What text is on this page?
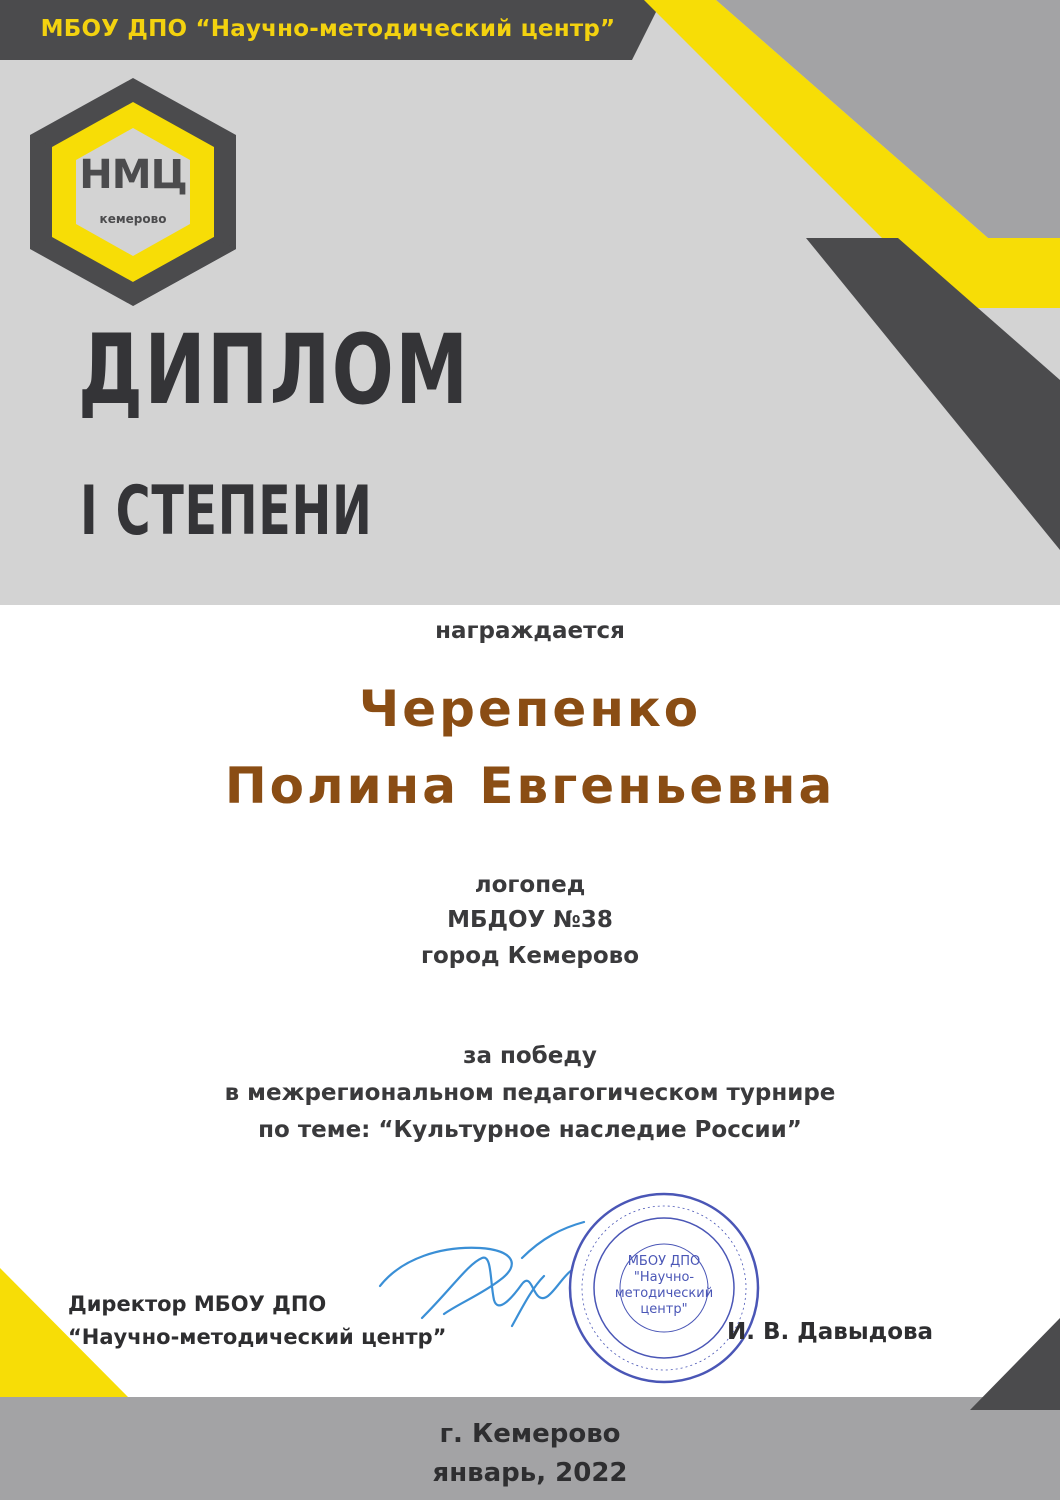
МБОУ ДПО “Научно-методический центр”
НМЦ
кемерово
ДИПЛОМ
I СТЕПЕНИ
награждается
Черепенко
Полина Евгеньевна
логопед
МБДОУ №38
город Кемерово
за победу
в межрегиональном педагогическом турнире
по теме: “Культурное наследие России”
Директор МБОУ ДПО
“Научно-методический центр”
МБОУ ДПО
"Научно-
методический
центр"
И. В. Давыдова
г. Кемерово
январь, 2022
